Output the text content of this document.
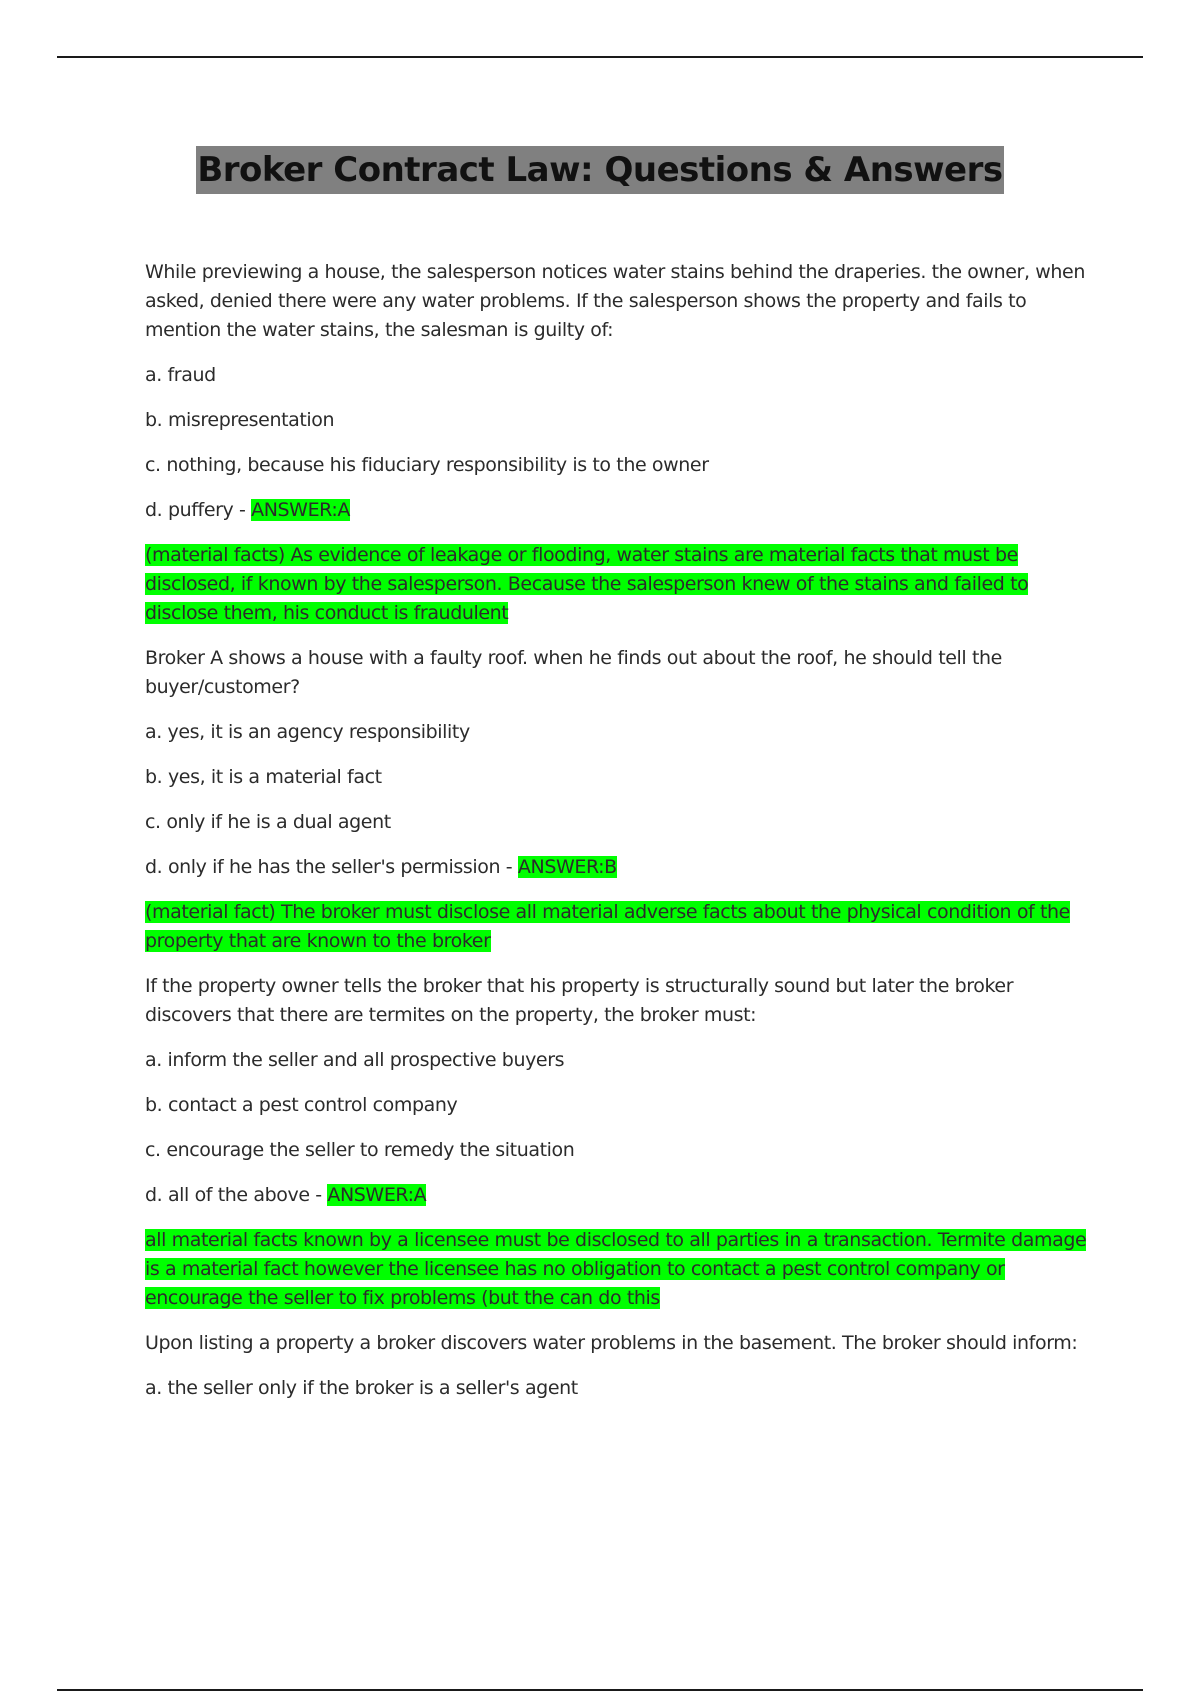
Broker Contract Law: Questions & Answers

While previewing a house, the salesperson notices water stains behind the draperies. the owner, when asked, denied there were any water problems. If the salesperson shows the property and fails to mention the water stains, the salesman is guilty of:

a. fraud

b. misrepresentation

c. nothing, because his fiduciary responsibility is to the owner

d. puffery - ANSWER:A

(material facts) As evidence of leakage or flooding, water stains are material facts that must be disclosed, if known by the salesperson. Because the salesperson knew of the stains and failed to disclose them, his conduct is fraudulent

Broker A shows a house with a faulty roof. when he finds out about the roof, he should tell the buyer/customer?

a. yes, it is an agency responsibility

b. yes, it is a material fact

c. only if he is a dual agent

d. only if he has the seller's permission - ANSWER:B

(material fact) The broker must disclose all material adverse facts about the physical condition of the property that are known to the broker

If the property owner tells the broker that his property is structurally sound but later the broker discovers that there are termites on the property, the broker must:

a. inform the seller and all prospective buyers

b. contact a pest control company

c. encourage the seller to remedy the situation

d. all of the above - ANSWER:A

all material facts known by a licensee must be disclosed to all parties in a transaction. Termite damage is a material fact however the licensee has no obligation to contact a pest control company or encourage the seller to fix problems (but the can do this

Upon listing a property a broker discovers water problems in the basement. The broker should inform:

a. the seller only if the broker is a seller's agent
